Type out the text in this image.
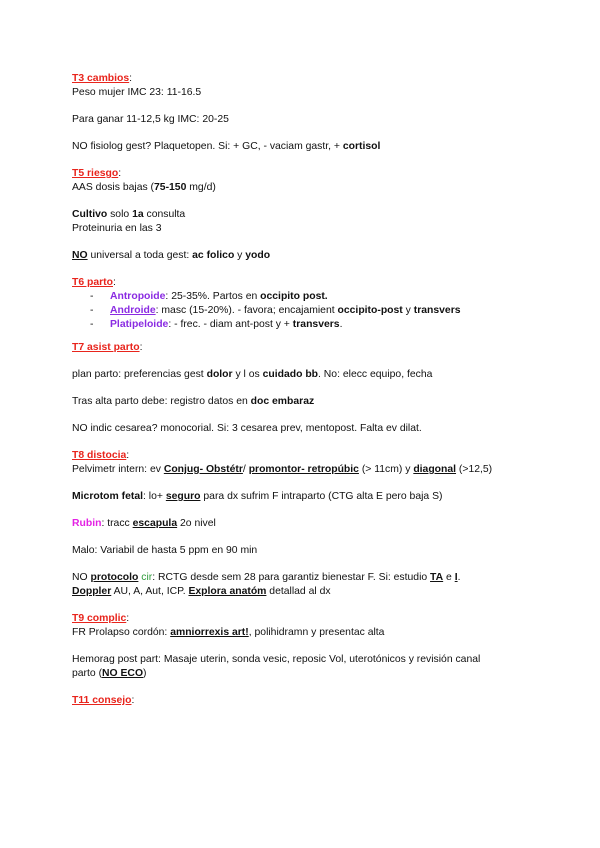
T3 cambios:

Peso mujer IMC 23: 11-16.5

Para ganar 11-12,5 kg IMC: 20-25

NO fisiolog gest? Plaquetopen. Si: + GC, - vaciam gastr, + cortisol

T5 riesgo:

AAS dosis bajas (75-150 mg/d)

Cultivo solo 1a consulta

Proteinuria en las 3

NO universal a toda gest: ac folico y yodo

T6 parto:

- Antropoide: 25-35%. Partos en occipito post.
- Androide: masc (15-20%). - favora; encajamient occipito-post y transvers
- Platipeloide: - frec. - diam ant-post y + transvers.

T7 asist parto:

plan parto: preferencias gest dolor y l os cuidado bb. No: elecc equipo, fecha

Tras alta parto debe: registro datos en doc embaraz

NO indic cesarea? monocorial. Si: 3 cesarea prev, mentopost. Falta ev dilat.

T8 distocia:

Pelvimetr intern: ev Conjug- Obstétr/ promontor- retropúbic (> 11cm) y diagonal (>12,5)

Microtom fetal: lo+ seguro para dx sufrim F intraparto (CTG alta E pero baja S)

Rubin: tracc escapula 2o nivel

Malo: Variabil de hasta 5 ppm en 90 min

NO protocolo cir: RCTG desde sem 28 para garantiz bienestar F. Si: estudio TA e I.

Doppler AU, A, Aut, ICP. Explora anatóm detallad al dx

T9 complic:

FR Prolapso cordón: amniorrexis art!, polihidramn y presentac alta

Hemorag post part: Masaje uterin, sonda vesic, reposic Vol, uterotónicos y revisión canal

parto (NO ECO)

T11 consejo:
